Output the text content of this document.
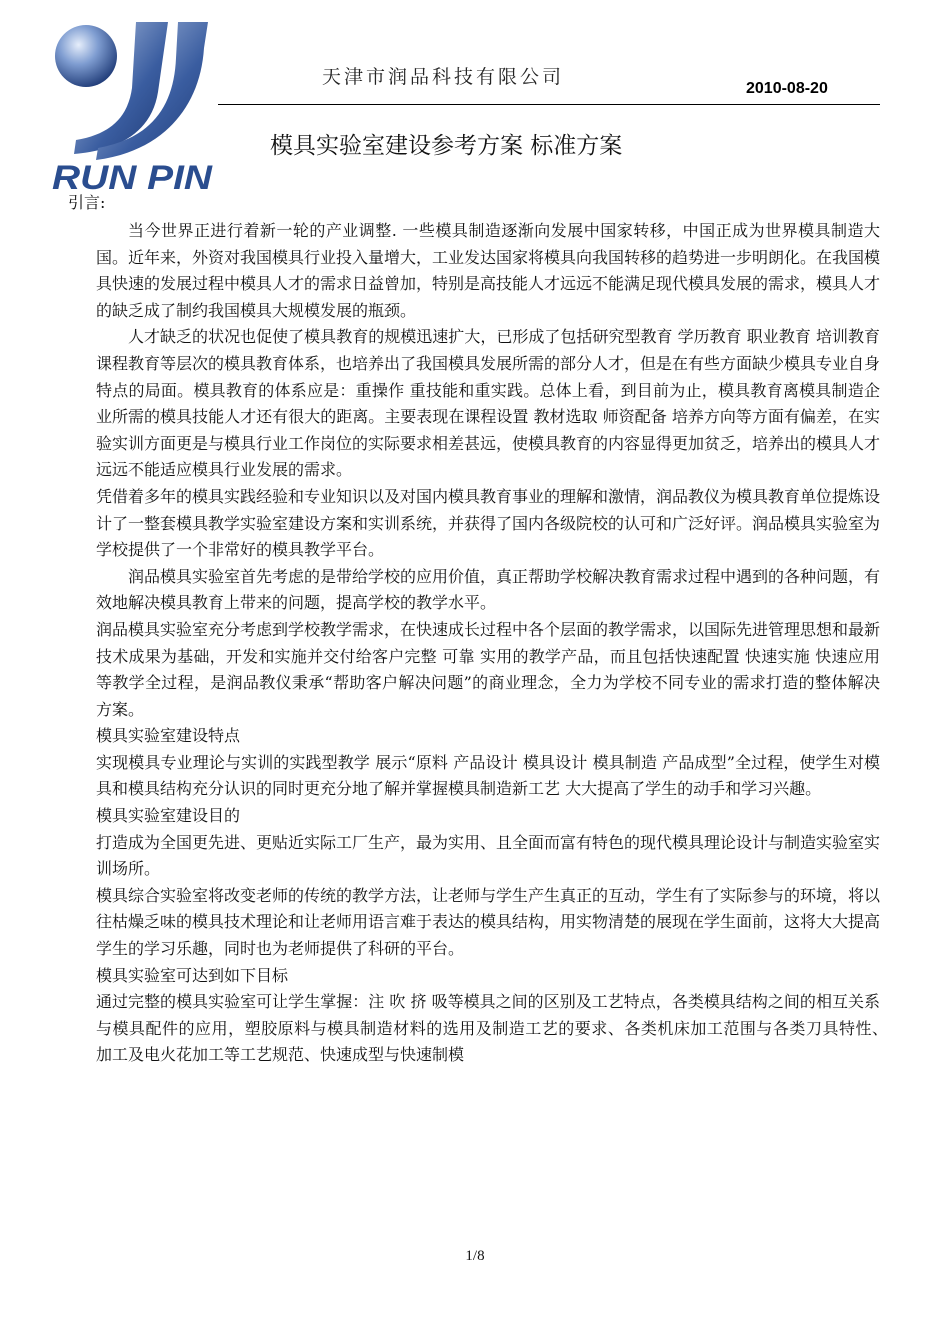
RUN PIN
天津市润品科技有限公司
2010-08-20
模具实验室建设参考方案 标准方案
引言:

当今世界正进行着新一轮的产业调整. 一些模具制造逐渐向发展中国家转移，中国正成为世界模具制造大国。近年来，外资对我国模具行业投入量增大，工业发达国家将模具向我国转移的趋势进一步明朗化。在我国模具快速的发展过程中模具人才的需求日益曾加，特别是高技能人才远远不能满足现代模具发展的需求，模具人才的缺乏成了制约我国模具大规模发展的瓶颈。

人才缺乏的状况也促使了模具教育的规模迅速扩大，已形成了包括研究型教育 学历教育 职业教育 培训教育 课程教育等层次的模具教育体系，也培养出了我国模具发展所需的部分人才，但是在有些方面缺少模具专业自身特点的局面。模具教育的体系应是：重操作 重技能和重实践。总体上看，到目前为止，模具教育离模具制造企业所需的模具技能人才还有很大的距离。主要表现在课程设置 教材选取 师资配备 培养方向等方面有偏差，在实验实训方面更是与模具行业工作岗位的实际要求相差甚远，使模具教育的内容显得更加贫乏，培养出的模具人才远远不能适应模具行业发展的需求。

凭借着多年的模具实践经验和专业知识以及对国内模具教育事业的理解和激情，润品教仪为模具教育单位提炼设计了一整套模具教学实验室建设方案和实训系统，并获得了国内各级院校的认可和广泛好评。润品模具实验室为学校提供了一个非常好的模具教学平台。

润品模具实验室首先考虑的是带给学校的应用价值，真正帮助学校解决教育需求过程中遇到的各种问题，有效地解决模具教育上带来的问题，提高学校的教学水平。

润品模具实验室充分考虑到学校教学需求，在快速成长过程中各个层面的教学需求，以国际先进管理思想和最新技术成果为基础，开发和实施并交付给客户完整 可靠 实用的教学产品，而且包括快速配置 快速实施 快速应用等教学全过程，是润品教仪秉承“帮助客户解决问题”的商业理念，全力为学校不同专业的需求打造的整体解决方案。

模具实验室建设特点

实现模具专业理论与实训的实践型教学 展示“原料 产品设计 模具设计 模具制造 产品成型”全过程，使学生对模具和模具结构充分认识的同时更充分地了解并掌握模具制造新工艺 大大提高了学生的动手和学习兴趣。

模具实验室建设目的

打造成为全国更先进、更贴近实际工厂生产，最为实用、且全面而富有特色的现代模具理论设计与制造实验室实训场所。

模具综合实验室将改变老师的传统的教学方法，让老师与学生产生真正的互动，学生有了实际参与的环境，将以往枯燥乏味的模具技术理论和让老师用语言难于表达的模具结构，用实物清楚的展现在学生面前，这将大大提高学生的学习乐趣，同时也为老师提供了科研的平台。

模具实验室可达到如下目标

通过完整的模具实验室可让学生掌握：注 吹 挤 吸等模具之间的区别及工艺特点，各类模具结构之间的相互关系与模具配件的应用，塑胶原料与模具制造材料的选用及制造工艺的要求、各类机床加工范围与各类刀具特性、　　加工及电火花加工等工艺规范、快速成型与快速制模

1/8
